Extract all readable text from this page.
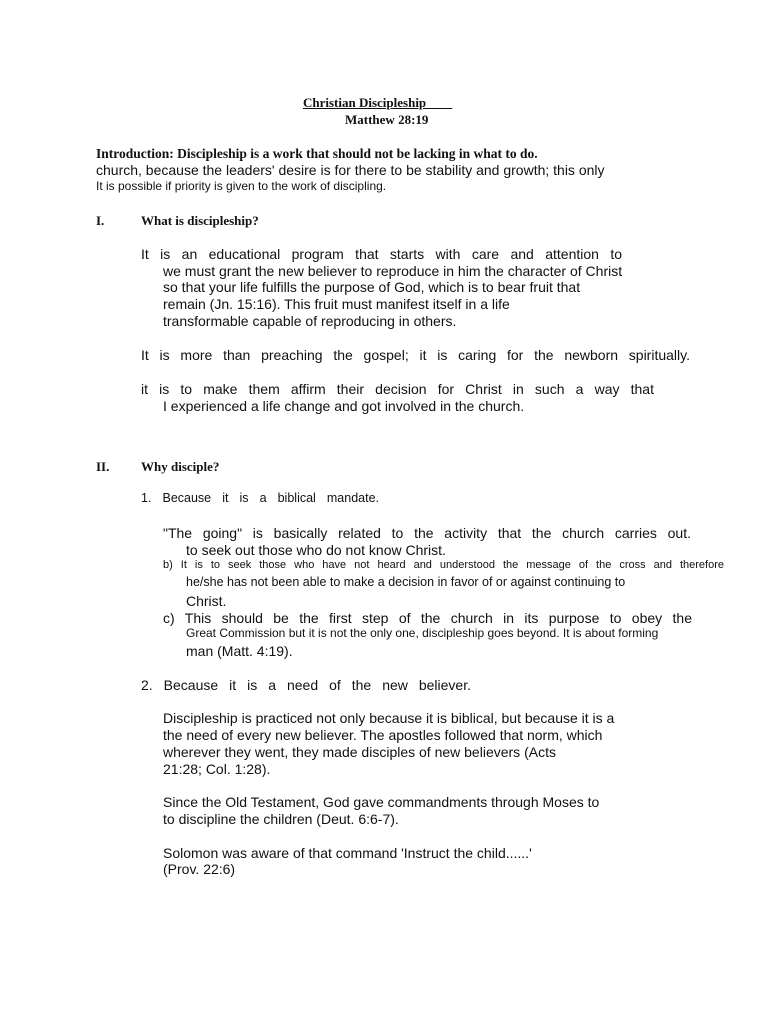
Christian Discipleship____
Matthew 28:19
Introduction: Discipleship is a work that should not be lacking in what to do.
church, because the leaders' desire is for there to be stability and growth; this only
It is possible if priority is given to the work of discipling.
I.	What is discipleship?
It is an educational program that starts with care and attention to
we must grant the new believer to reproduce in him the character of Christ
so that your life fulfills the purpose of God, which is to bear fruit that
remain (Jn. 15:16). This fruit must manifest itself in a life
transformable capable of reproducing in others.
It is more than preaching the gospel; it is caring for the newborn spiritually.
it is to make them affirm their decision for Christ in such a way that
I experienced a life change and got involved in the church.
II. Why disciple?
1. Because it is a biblical mandate.
"The going" is basically related to the activity that the church carries out.
to seek out those who do not know Christ.
b) It is to seek those who have not heard and understood the message of the cross and therefore
he/she has not been able to make a decision in favor of or against continuing to
Christ.
c) This should be the first step of the church in its purpose to obey the
Great Commission but it is not the only one, discipleship goes beyond. It is about forming
man (Matt. 4:19).
2. Because it is a need of the new believer.
Discipleship is practiced not only because it is biblical, but because it is a
the need of every new believer. The apostles followed that norm, which
wherever they went, they made disciples of new believers (Acts
21:28; Col. 1:28).
Since the Old Testament, God gave commandments through Moses to
to discipline the children (Deut. 6:6-7).
Solomon was aware of that command 'Instruct the child......'
(Prov. 22:6)
